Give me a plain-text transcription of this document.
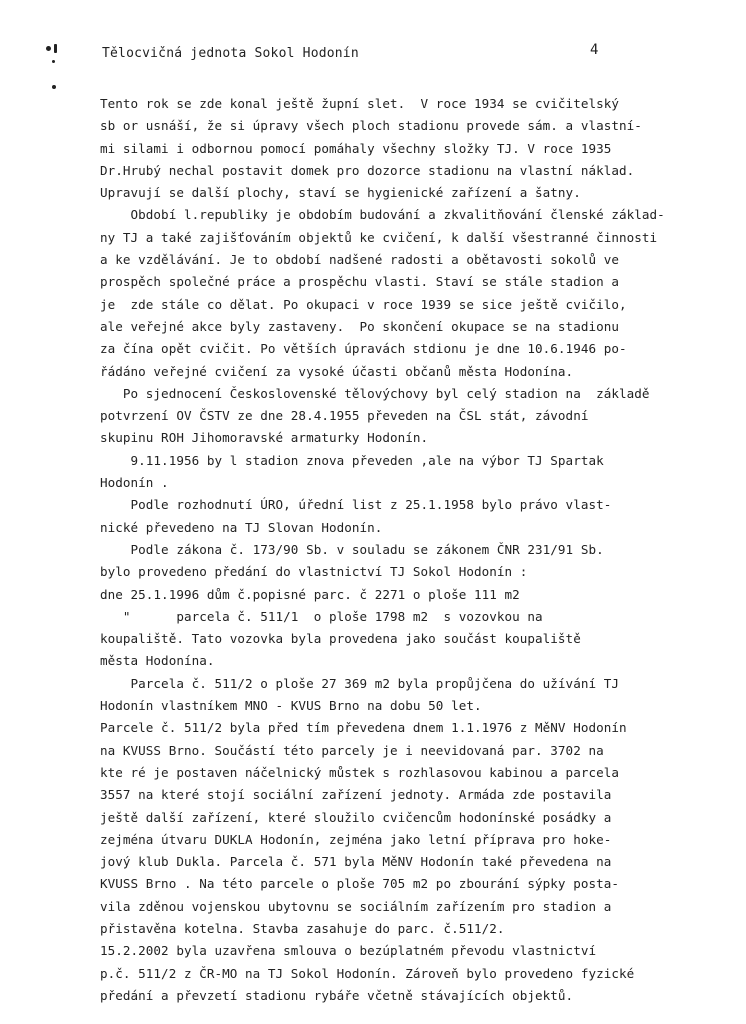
Tělocvičná jednota Sokol Hodonín	4
Tento rok se zde konal ještě župní slet.  V roce 1934 se cvičitelský
sb or usnáší, že si úpravy všech ploch stadionu provede sám. a vlastní-
mi silami i odbornou pomocí pomáhaly všechny složky TJ. V roce 1935
Dr.Hrubý nechal postavit domek pro dozorce stadionu na vlastní náklad.
Upravují se další plochy, staví se hygienické zařízení a šatny.
Období l.republiky je obdobím budování a zkvalitňování členské základ-
ny TJ a také zajišťováním objektů ke cvičení, k další všestranné činnosti
a ke vzdělávání. Je to období nadšené radosti a obětavosti sokolů ve
prospěch společné práce a prospěchu vlasti. Staví se stále stadion a
je  zde stále co dělat. Po okupaci v roce 1939 se sice ještě cvičilo,
ale veřejné akce byly zastaveny.  Po skončení okupace se na stadionu
za čína opět cvičit. Po větších úpravách stdionu je dne 10.6.1946 po-
řádáno veřejné cvičení za vysoké účasti občanů města Hodonína.
Po sjednocení Československé tělovýchovy byl celý stadion na  základě
potvrzení OV ČSTV ze dne 28.4.1955 převeden na ČSL stát, závodní
skupinu ROH Jihomoravské armaturky Hodonín.
9.11.1956 by l stadion znova převeden ,ale na výbor TJ Spartak
Hodonín .
Podle rozhodnutí ÚRO, úřední list z 25.1.1958 bylo právo vlast-
nické převedeno na TJ Slovan Hodonín.
Podle zákona č. 173/90 Sb. v souladu se zákonem ČNR 231/91 Sb.
bylo provedeno předání do vlastnictví TJ Sokol Hodonín :
dne 25.1.1996 dům č.popisné parc. č 2271 o ploše 111 m2
"      parcela č. 511/1  o ploše 1798 m2  s vozovkou na
koupaliště. Tato vozovka byla provedena jako součást koupaliště
města Hodonína.
Parcela č. 511/2 o ploše 27 369 m2 byla propůjčena do užívání TJ
Hodonín vlastníkem MNO - KVUS Brno na dobu 50 let.
Parcele č. 511/2 byla před tím převedena dnem 1.1.1976 z MěNV Hodonín
na KVUSS Brno. Součástí této parcely je i neevidovaná par. 3702 na
kte ré je postaven náčelnický můstek s rozhlasovou kabinou a parcela
3557 na které stojí sociální zařízení jednoty. Armáda zde postavila
ještě další zařízení, které sloužilo cvičencům hodonínské posádky a
zejména útvaru DUKLA Hodonín, zejména jako letní příprava pro hoke-
jový klub Dukla. Parcela č. 571 byla MěNV Hodonín také převedena na
KVUSS Brno . Na této parcele o ploše 705 m2 po zbourání sýpky posta-
vila zděnou vojenskou ubytovnu se sociálním zařízením pro stadion a
přistavěna kotelna. Stavba zasahuje do parc. č.511/2.
15.2.2002 byla uzavřena smlouva o bezúplatném převodu vlastnictví
p.č. 511/2 z ČR-MO na TJ Sokol Hodonín. Zároveň bylo provedeno fyzické
předání a převzetí stadionu rybáře včetně stávajících objektů.
